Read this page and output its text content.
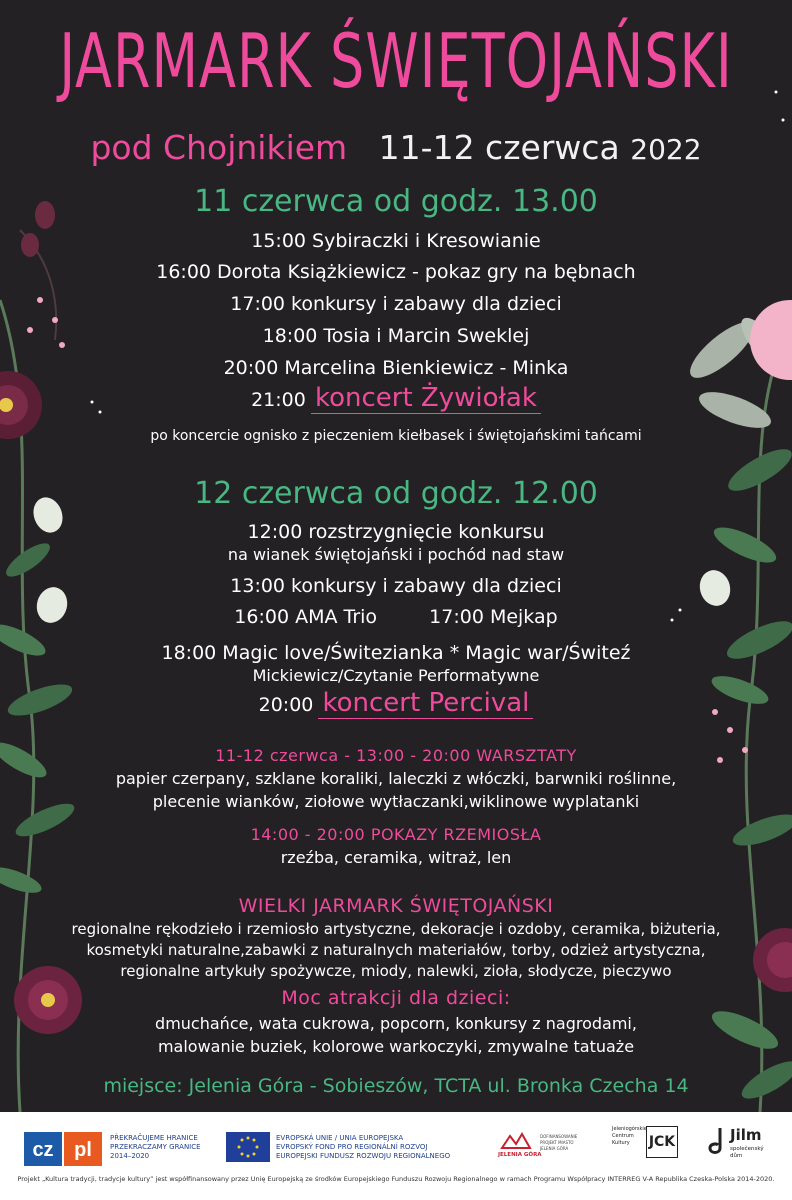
JARMARK ŚWIĘTOJAŃSKI
pod Chojnikiem 11-12 czerwca 2022
11 czerwca od godz. 13.00
15:00 Sybiraczki i Kresowianie
16:00 Dorota Książkiewicz - pokaz gry na bębnach
17:00 konkursy i zabawy dla dzieci
18:00 Tosia i Marcin Sweklej
20:00 Marcelina Bienkiewicz - Minka
21:00 koncert Żywiołak
po koncercie ognisko z pieczeniem kiełbasek i świętojańskimi tańcami
12 czerwca od godz. 12.00
12:00 rozstrzygnięcie konkursu
na wianek świętojański i pochód nad staw
13:00 konkursy i zabawy dla dzieci
16:00 AMA Trio	17:00 Mejkap
18:00 Magic love/Świtezianka * Magic war/Świteź
Mickiewicz/Czytanie Performatywne
20:00 koncert Percival
11-12 czerwca - 13:00 - 20:00 WARSZTATY
papier czerpany, szklane koraliki, laleczki z włóczki, barwniki roślinne,
plecenie wianków, ziołowe wytłaczanki,wiklinowe wyplatanki
14:00 - 20:00 POKAZY RZEMIOSŁA
rzeźba, ceramika, witraż, len
WIELKI JARMARK ŚWIĘTOJAŃSKI
regionalne rękodzieło i rzemiosło artystyczne, dekoracje i ozdoby, ceramika, biżuteria,
kosmetyki naturalne,zabawki z naturalnych materiałów, torby, odzież artystyczna,
regionalne artykuły spożywcze, miody, nalewki, zioła, słodycze, pieczywo
Moc atrakcji dla dzieci:
dmuchańce, wata cukrowa, popcorn, konkursy z nagrodami,
malowanie buziek, kolorowe warkoczyki, zmywalne tatuaże
miejsce: Jelenia Góra - Sobieszów, TCTA ul. Bronka Czecha 14
cz pl
PŘEKRAČUJEME HRANICE
PRZEKRACZAMY GRANICE
2014–2020
EVROPSKÁ UNIE / UNIA EUROPEJSKA
EVROPSKÝ FOND PRO REGIONÁLNÍ ROZVOJ
EUROPEJSKI FUNDUSZ ROZWOJU REGIONALNEGO	JELENIA GÓRA
DOFINANSOWANIE PROJEKT MIASTO JELENIA GÓRA
Jeleniogórskie
Centrum
Kultury	JCK	Jilm
společenský dům
Projekt „Kultura tradycji, tradycje kultury” jest współfinansowany przez Unię Europejską ze środków Europejskiego Funduszu Rozwoju Regionalnego w ramach Programu Współpracy INTERREG V-A Republika Czeska-Polska 2014-2020.
